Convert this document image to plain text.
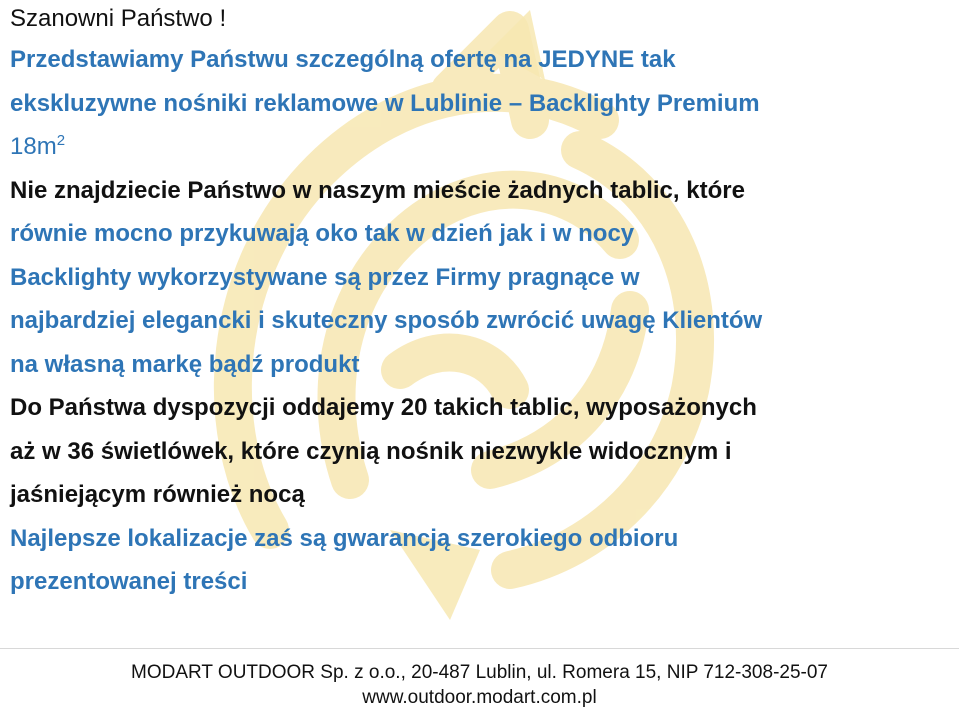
Szanowni Państwo !
Przedstawiamy Państwu szczególną ofertę na JEDYNE tak
ekskluzywne nośniki reklamowe w Lublinie – Backlighty Premium
$18m^2$
Nie znajdziecie Państwo w naszym mieście żadnych tablic, które
równie mocno przykuwają oko tak w dzień jak i w nocy
Backlighty wykorzystywane są przez Firmy pragnące w
najbardziej elegancki i skuteczny sposób zwrócić uwagę Klientów
na własną markę bądź produkt
Do Państwa dyspozycji oddajemy 20 takich tablic, wyposażonych
aż w 36 świetlówek, które czynią nośnik niezwykle widocznym i
jaśniejącym również nocą
Najlepsze lokalizacje zaś są gwarancją szerokiego odbioru
prezentowanej treści
MODART OUTDOOR Sp. z o.o., 20-487 Lublin, ul. Romera 15, NIP 712-308-25-07
www.outdoor.modart.com.pl
